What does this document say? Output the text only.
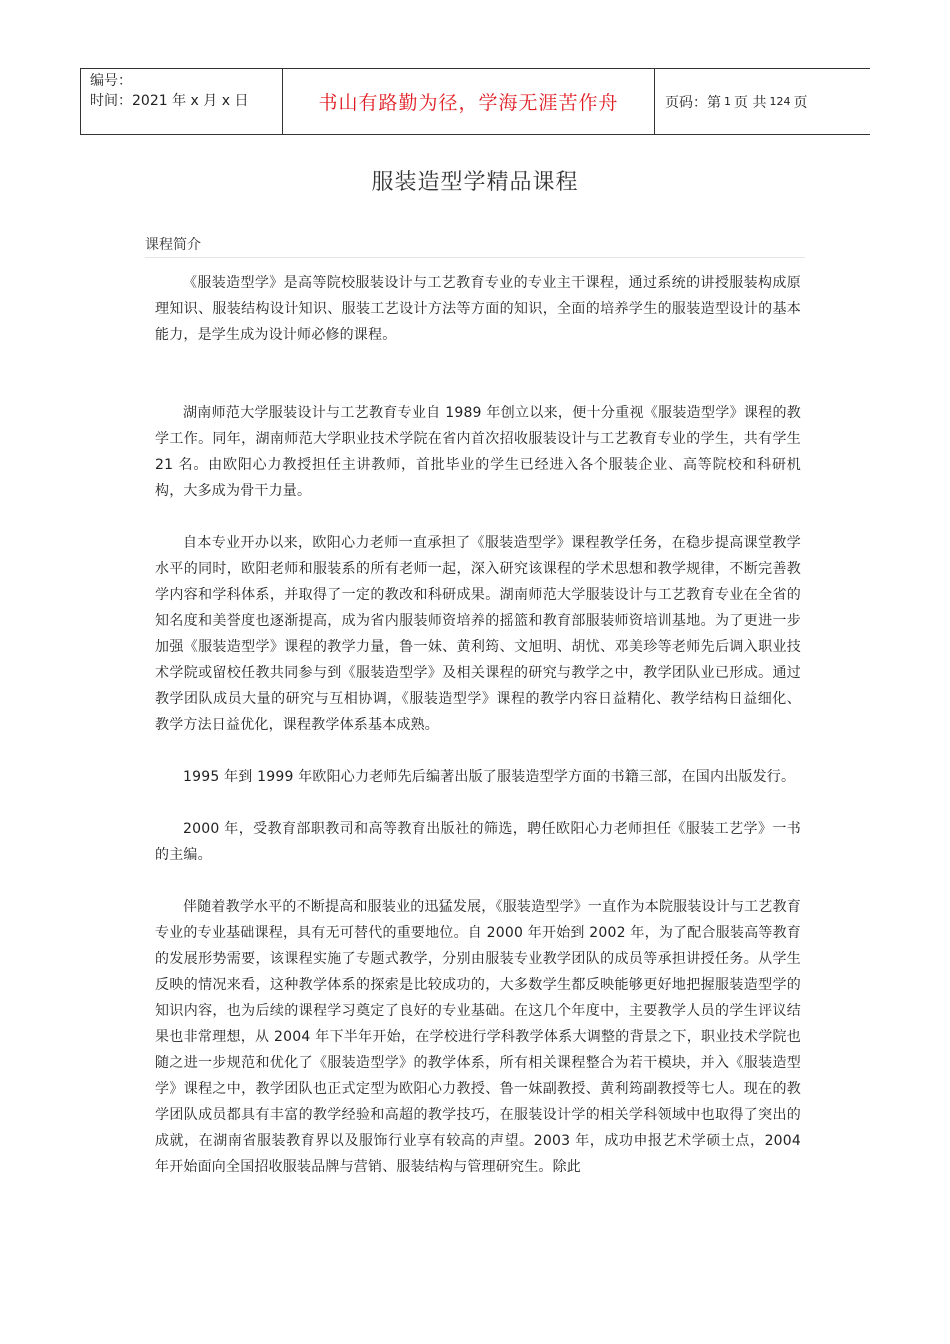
编号：
时间：2021 年 x 月 x 日	书山有路勤为径，学海无涯苦作舟	页码：第 1 页 共 124 页
服装造型学精品课程
课程简介

《服装造型学》是高等院校服装设计与工艺教育专业的专业主干课程，通过系统的讲授服装构成原理知识、服装结构设计知识、服装工艺设计方法等方面的知识，全面的培养学生的服装造型设计的基本能力，是学生成为设计师必修的课程。

湖南师范大学服装设计与工艺教育专业自 1989 年创立以来，便十分重视《服装造型学》课程的教学工作。同年，湖南师范大学职业技术学院在省内首次招收服装设计与工艺教育专业的学生，共有学生 21 名。由欧阳心力教授担任主讲教师，首批毕业的学生已经进入各个服装企业、高等院校和科研机构，大多成为骨干力量。

自本专业开办以来，欧阳心力老师一直承担了《服装造型学》课程教学任务，在稳步提高课堂教学水平的同时，欧阳老师和服装系的所有老师一起，深入研究该课程的学术思想和教学规律，不断完善教学内容和学科体系，并取得了一定的教改和科研成果。湖南师范大学服装设计与工艺教育专业在全省的知名度和美誉度也逐渐提高，成为省内服装师资培养的摇篮和教育部服装师资培训基地。为了更进一步加强《服装造型学》课程的教学力量，鲁一妹、黄利筠、文旭明、胡忧、邓美珍等老师先后调入职业技术学院或留校任教共同参与到《服装造型学》及相关课程的研究与教学之中，教学团队业已形成。通过教学团队成员大量的研究与互相协调，《服装造型学》课程的教学内容日益精化、教学结构日益细化、教学方法日益优化，课程教学体系基本成熟。

1995 年到 1999 年欧阳心力老师先后编著出版了服装造型学方面的书籍三部，在国内出版发行。

2000 年，受教育部职教司和高等教育出版社的筛选，聘任欧阳心力老师担任《服装工艺学》一书的主编。

伴随着教学水平的不断提高和服装业的迅猛发展，《服装造型学》一直作为本院服装设计与工艺教育专业的专业基础课程，具有无可替代的重要地位。自 2000 年开始到 2002 年，为了配合服装高等教育的发展形势需要，该课程实施了专题式教学，分别由服装专业教学团队的成员等承担讲授任务。从学生反映的情况来看，这种教学体系的探索是比较成功的，大多数学生都反映能够更好地把握服装造型学的知识内容，也为后续的课程学习奠定了良好的专业基础。在这几个年度中，主要教学人员的学生评议结果也非常理想，从 2004 年下半年开始，在学校进行学科教学体系大调整的背景之下，职业技术学院也随之进一步规范和优化了《服装造型学》的教学体系，所有相关课程整合为若干模块，并入《服装造型学》课程之中，教学团队也正式定型为欧阳心力教授、鲁一妹副教授、黄利筠副教授等七人。现在的教学团队成员都具有丰富的教学经验和高超的教学技巧，在服装设计学的相关学科领域中也取得了突出的成就，在湖南省服装教育界以及服饰行业享有较高的声望。2003 年，成功申报艺术学硕士点，2004 年开始面向全国招收服装品牌与营销、服装结构与管理研究生。除此
